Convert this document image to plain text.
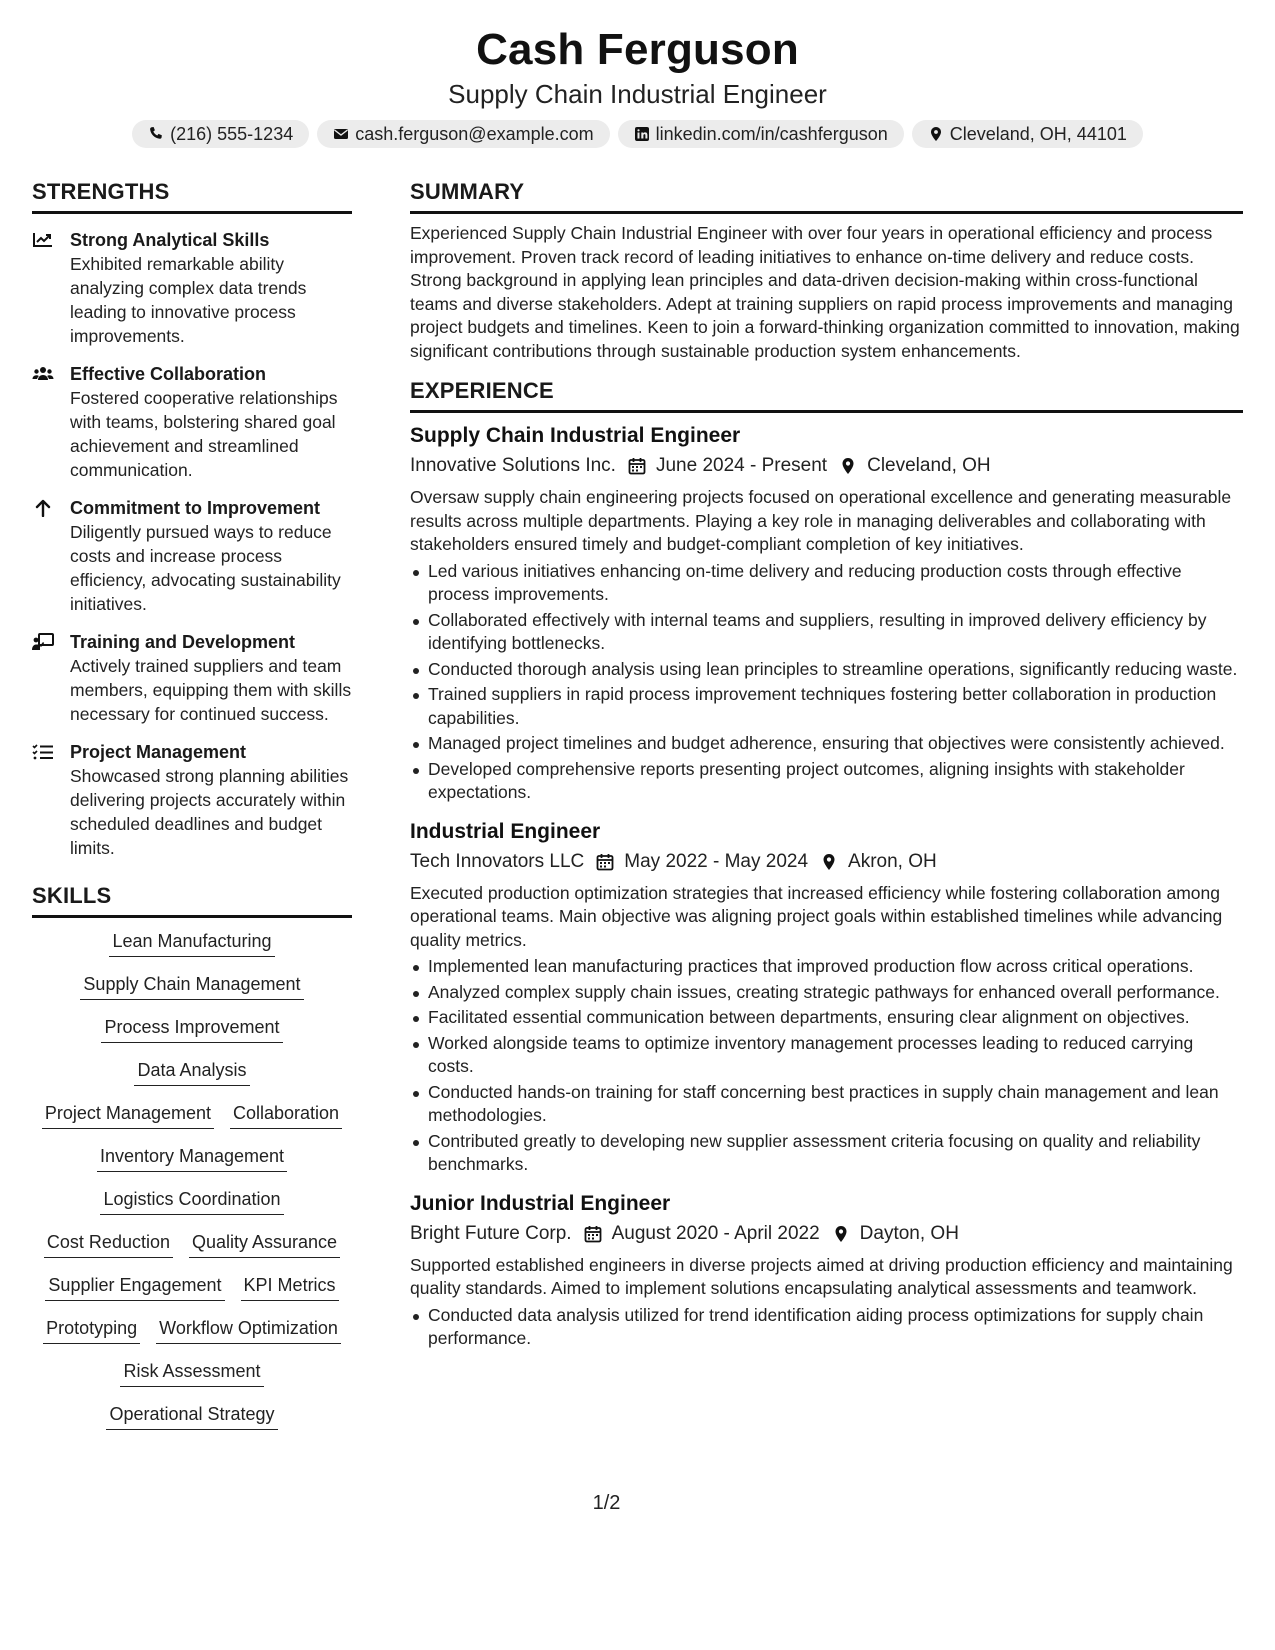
Cash Ferguson
Supply Chain Industrial Engineer
(216) 555-1234	cash.ferguson@example.com	linkedin.com/in/cashferguson	Cleveland, OH, 44101
STRENGTHS
Strong Analytical Skills
Exhibited remarkable ability analyzing complex data trends leading to innovative process improvements.
Effective Collaboration
Fostered cooperative relationships with teams, bolstering shared goal achievement and streamlined communication.
Commitment to Improvement
Diligently pursued ways to reduce costs and increase process efficiency, advocating sustainability initiatives.
Training and Development
Actively trained suppliers and team members, equipping them with skills necessary for continued success.
Project Management
Showcased strong planning abilities delivering projects accurately within scheduled deadlines and budget limits.
SKILLS
Lean Manufacturing
Supply Chain Management
Process Improvement
Data Analysis
Project Management Collaboration
Inventory Management
Logistics Coordination
Cost Reduction Quality Assurance
Supplier Engagement KPI Metrics
Prototyping Workflow Optimization
Risk Assessment
Operational Strategy
SUMMARY
Experienced Supply Chain Industrial Engineer with over four years in operational efficiency and process improvement. Proven track record of leading initiatives to enhance on-time delivery and reduce costs. Strong background in applying lean principles and data-driven decision-making within cross-functional teams and diverse stakeholders. Adept at training suppliers on rapid process improvements and managing project budgets and timelines. Keen to join a forward-thinking organization committed to innovation, making significant contributions through sustainable production system enhancements.
EXPERIENCE
Supply Chain Industrial Engineer
Innovative Solutions Inc. June 2024 - Present Cleveland, OH
Oversaw supply chain engineering projects focused on operational excellence and generating measurable results across multiple departments. Playing a key role in managing deliverables and collaborating with stakeholders ensured timely and budget-compliant completion of key initiatives.
Led various initiatives enhancing on-time delivery and reducing production costs through effective process improvements.
Collaborated effectively with internal teams and suppliers, resulting in improved delivery efficiency by identifying bottlenecks.
Conducted thorough analysis using lean principles to streamline operations, significantly reducing waste.
Trained suppliers in rapid process improvement techniques fostering better collaboration in production capabilities.
Managed project timelines and budget adherence, ensuring that objectives were consistently achieved.
Developed comprehensive reports presenting project outcomes, aligning insights with stakeholder expectations.
Industrial Engineer
Tech Innovators LLC May 2022 - May 2024 Akron, OH
Executed production optimization strategies that increased efficiency while fostering collaboration among operational teams. Main objective was aligning project goals within established timelines while advancing quality metrics.
Implemented lean manufacturing practices that improved production flow across critical operations.
Analyzed complex supply chain issues, creating strategic pathways for enhanced overall performance.
Facilitated essential communication between departments, ensuring clear alignment on objectives.
Worked alongside teams to optimize inventory management processes leading to reduced carrying costs.
Conducted hands-on training for staff concerning best practices in supply chain management and lean methodologies.
Contributed greatly to developing new supplier assessment criteria focusing on quality and reliability benchmarks.
Junior Industrial Engineer
Bright Future Corp. August 2020 - April 2022 Dayton, OH
Supported established engineers in diverse projects aimed at driving production efficiency and maintaining quality standards. Aimed to implement solutions encapsulating analytical assessments and teamwork.
Conducted data analysis utilized for trend identification aiding process optimizations for supply chain performance.
1/2
